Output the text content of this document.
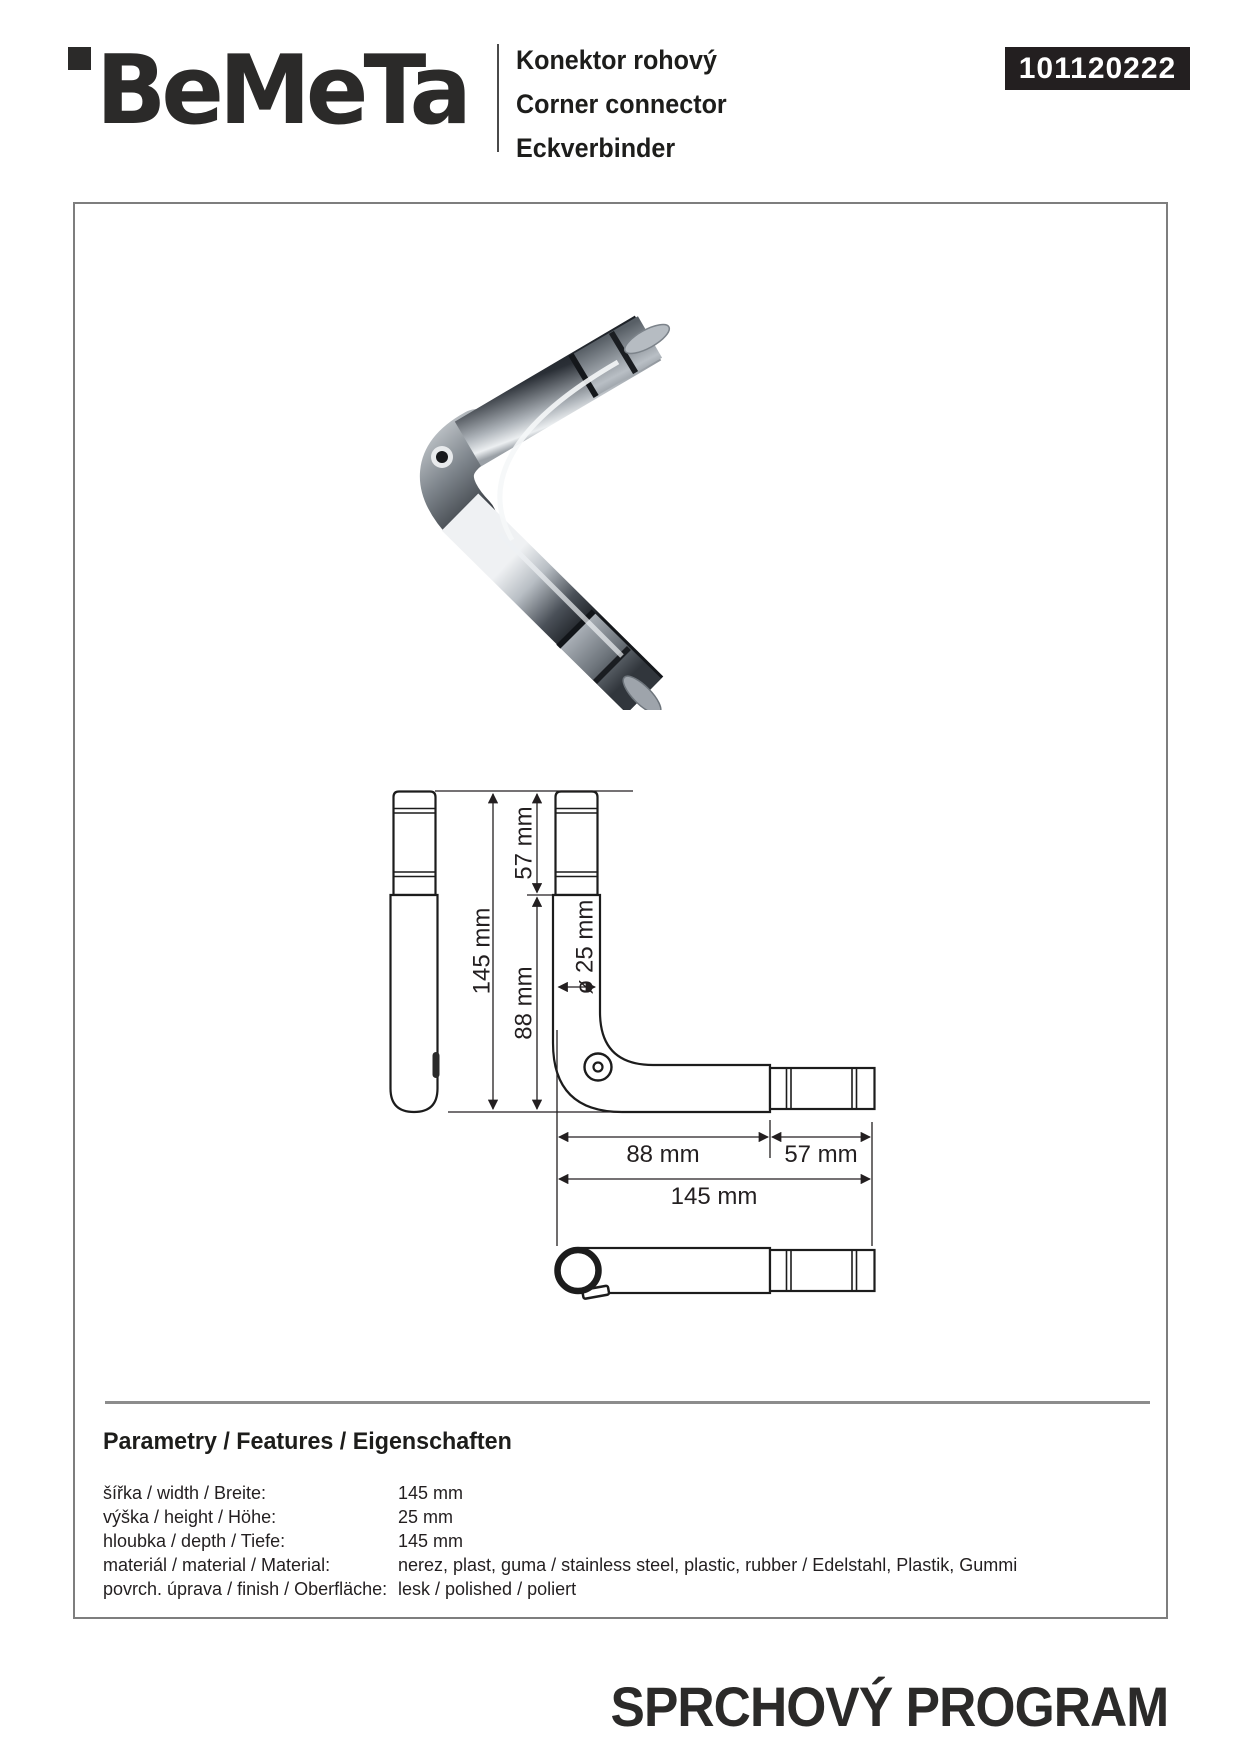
BeMeTa Konektor rohový
Corner connector
Eckverbinder
101120222
145 mm
57 mm
88 mm
ø 25 mm
88 mm	57 mm
145 mm
Parametry / Features / Eigenschaften
šířka / width / Breite:	145 mm
výška / height / Höhe:	25 mm
hloubka / depth / Tiefe:	145 mm
materiál / material / Material:	nerez, plast, guma / stainless steel, plastic, rubber / Edelstahl, Plastik, Gummi
povrch. úprava / finish / Oberfläche: lesk / polished / poliert
SPRCHOVÝ PROGRAM
